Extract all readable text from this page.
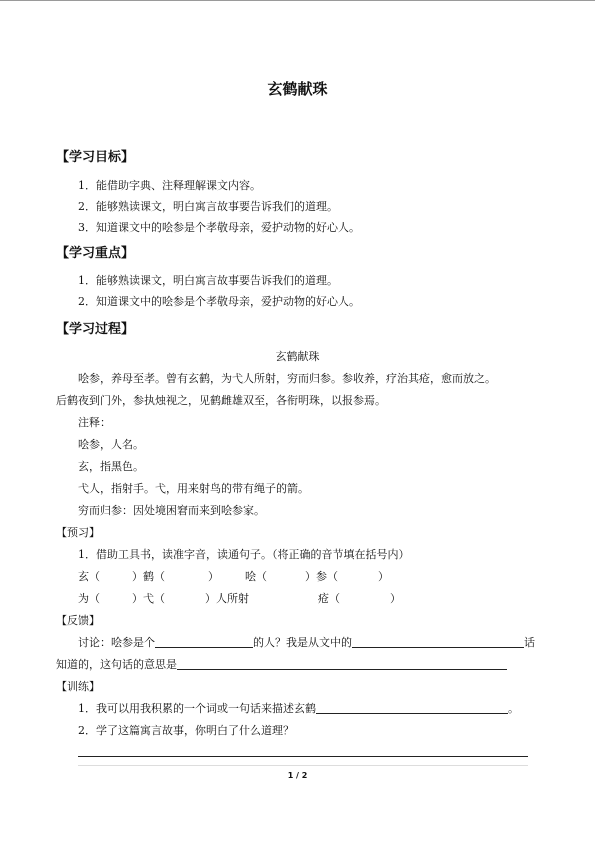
玄鹤献珠
【学习目标】
1．能借助字典、注释理解课文内容。
2．能够熟读课文，明白寓言故事要告诉我们的道理。
3．知道课文中的哙参是个孝敬母亲，爱护动物的好心人。
【学习重点】
1．能够熟读课文，明白寓言故事要告诉我们的道理。
2．知道课文中的哙参是个孝敬母亲，爱护动物的好心人。
【学习过程】
玄鹤献珠
哙参，养母至孝。曾有玄鹤，为弋人所射，穷而归参。参收养，疗治其疮，愈而放之。
后鹤夜到门外，参执烛视之，见鹤雌雄双至，各衔明珠，以报参焉。
注释：
哙参，人名。
玄，指黑色。
弋人，指射手。弋，用来射鸟的带有绳子的箭。
穷而归参：因处境困窘而来到哙参家。
【预习】
1．借助工具书，读准字音，读通句子。（将正确的音节填在括号内）
玄（	）鹤（	） 哙（	）参（	）
为（	）弋（	）人所射	疮（	）
【反馈】
讨论：哙参是个	的人？我是从文中的	话
知道的，这句话的意思是
【训练】
1．我可以用我积累的一个词或一句话来描述玄鹤	。
2．学了这篇寓言故事，你明白了什么道理？
1 / 2
